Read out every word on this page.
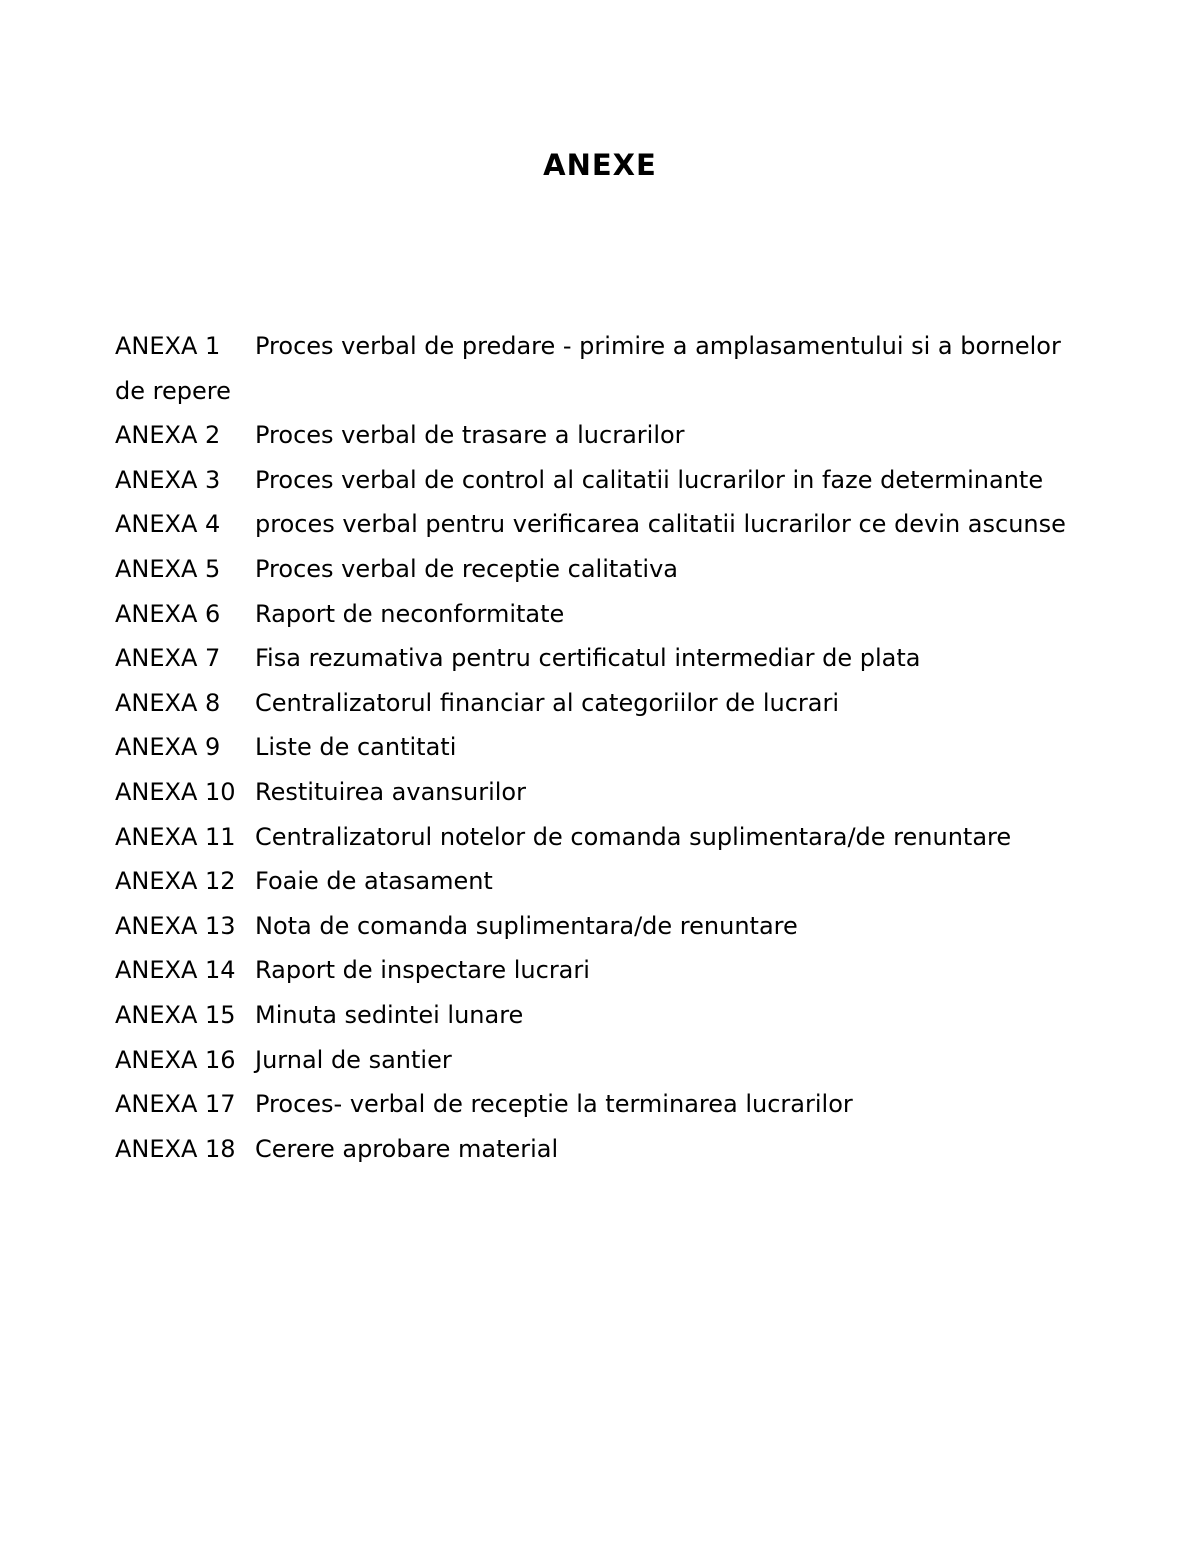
ANEXE
ANEXA 1 Proces verbal de predare - primire a amplasamentului si a bornelor de repere
ANEXA 2 Proces verbal de trasare a lucrarilor
ANEXA 3 Proces verbal de control al calitatii lucrarilor in faze determinante
ANEXA 4 proces verbal pentru verificarea calitatii lucrarilor ce devin ascunse
ANEXA 5 Proces verbal de receptie calitativa
ANEXA 6 Raport de neconformitate
ANEXA 7 Fisa rezumativa pentru certificatul intermediar de plata
ANEXA 8 Centralizatorul financiar al categoriilor de lucrari
ANEXA 9 Liste de cantitati
ANEXA 10 Restituirea avansurilor
ANEXA 11 Centralizatorul notelor de comanda suplimentara/de renuntare
ANEXA 12 Foaie de atasament
ANEXA 13 Nota de comanda suplimentara/de renuntare
ANEXA 14 Raport de inspectare lucrari
ANEXA 15 Minuta sedintei lunare
ANEXA 16 Jurnal de santier
ANEXA 17 Proces- verbal de receptie la terminarea lucrarilor
ANEXA 18 Cerere aprobare material
